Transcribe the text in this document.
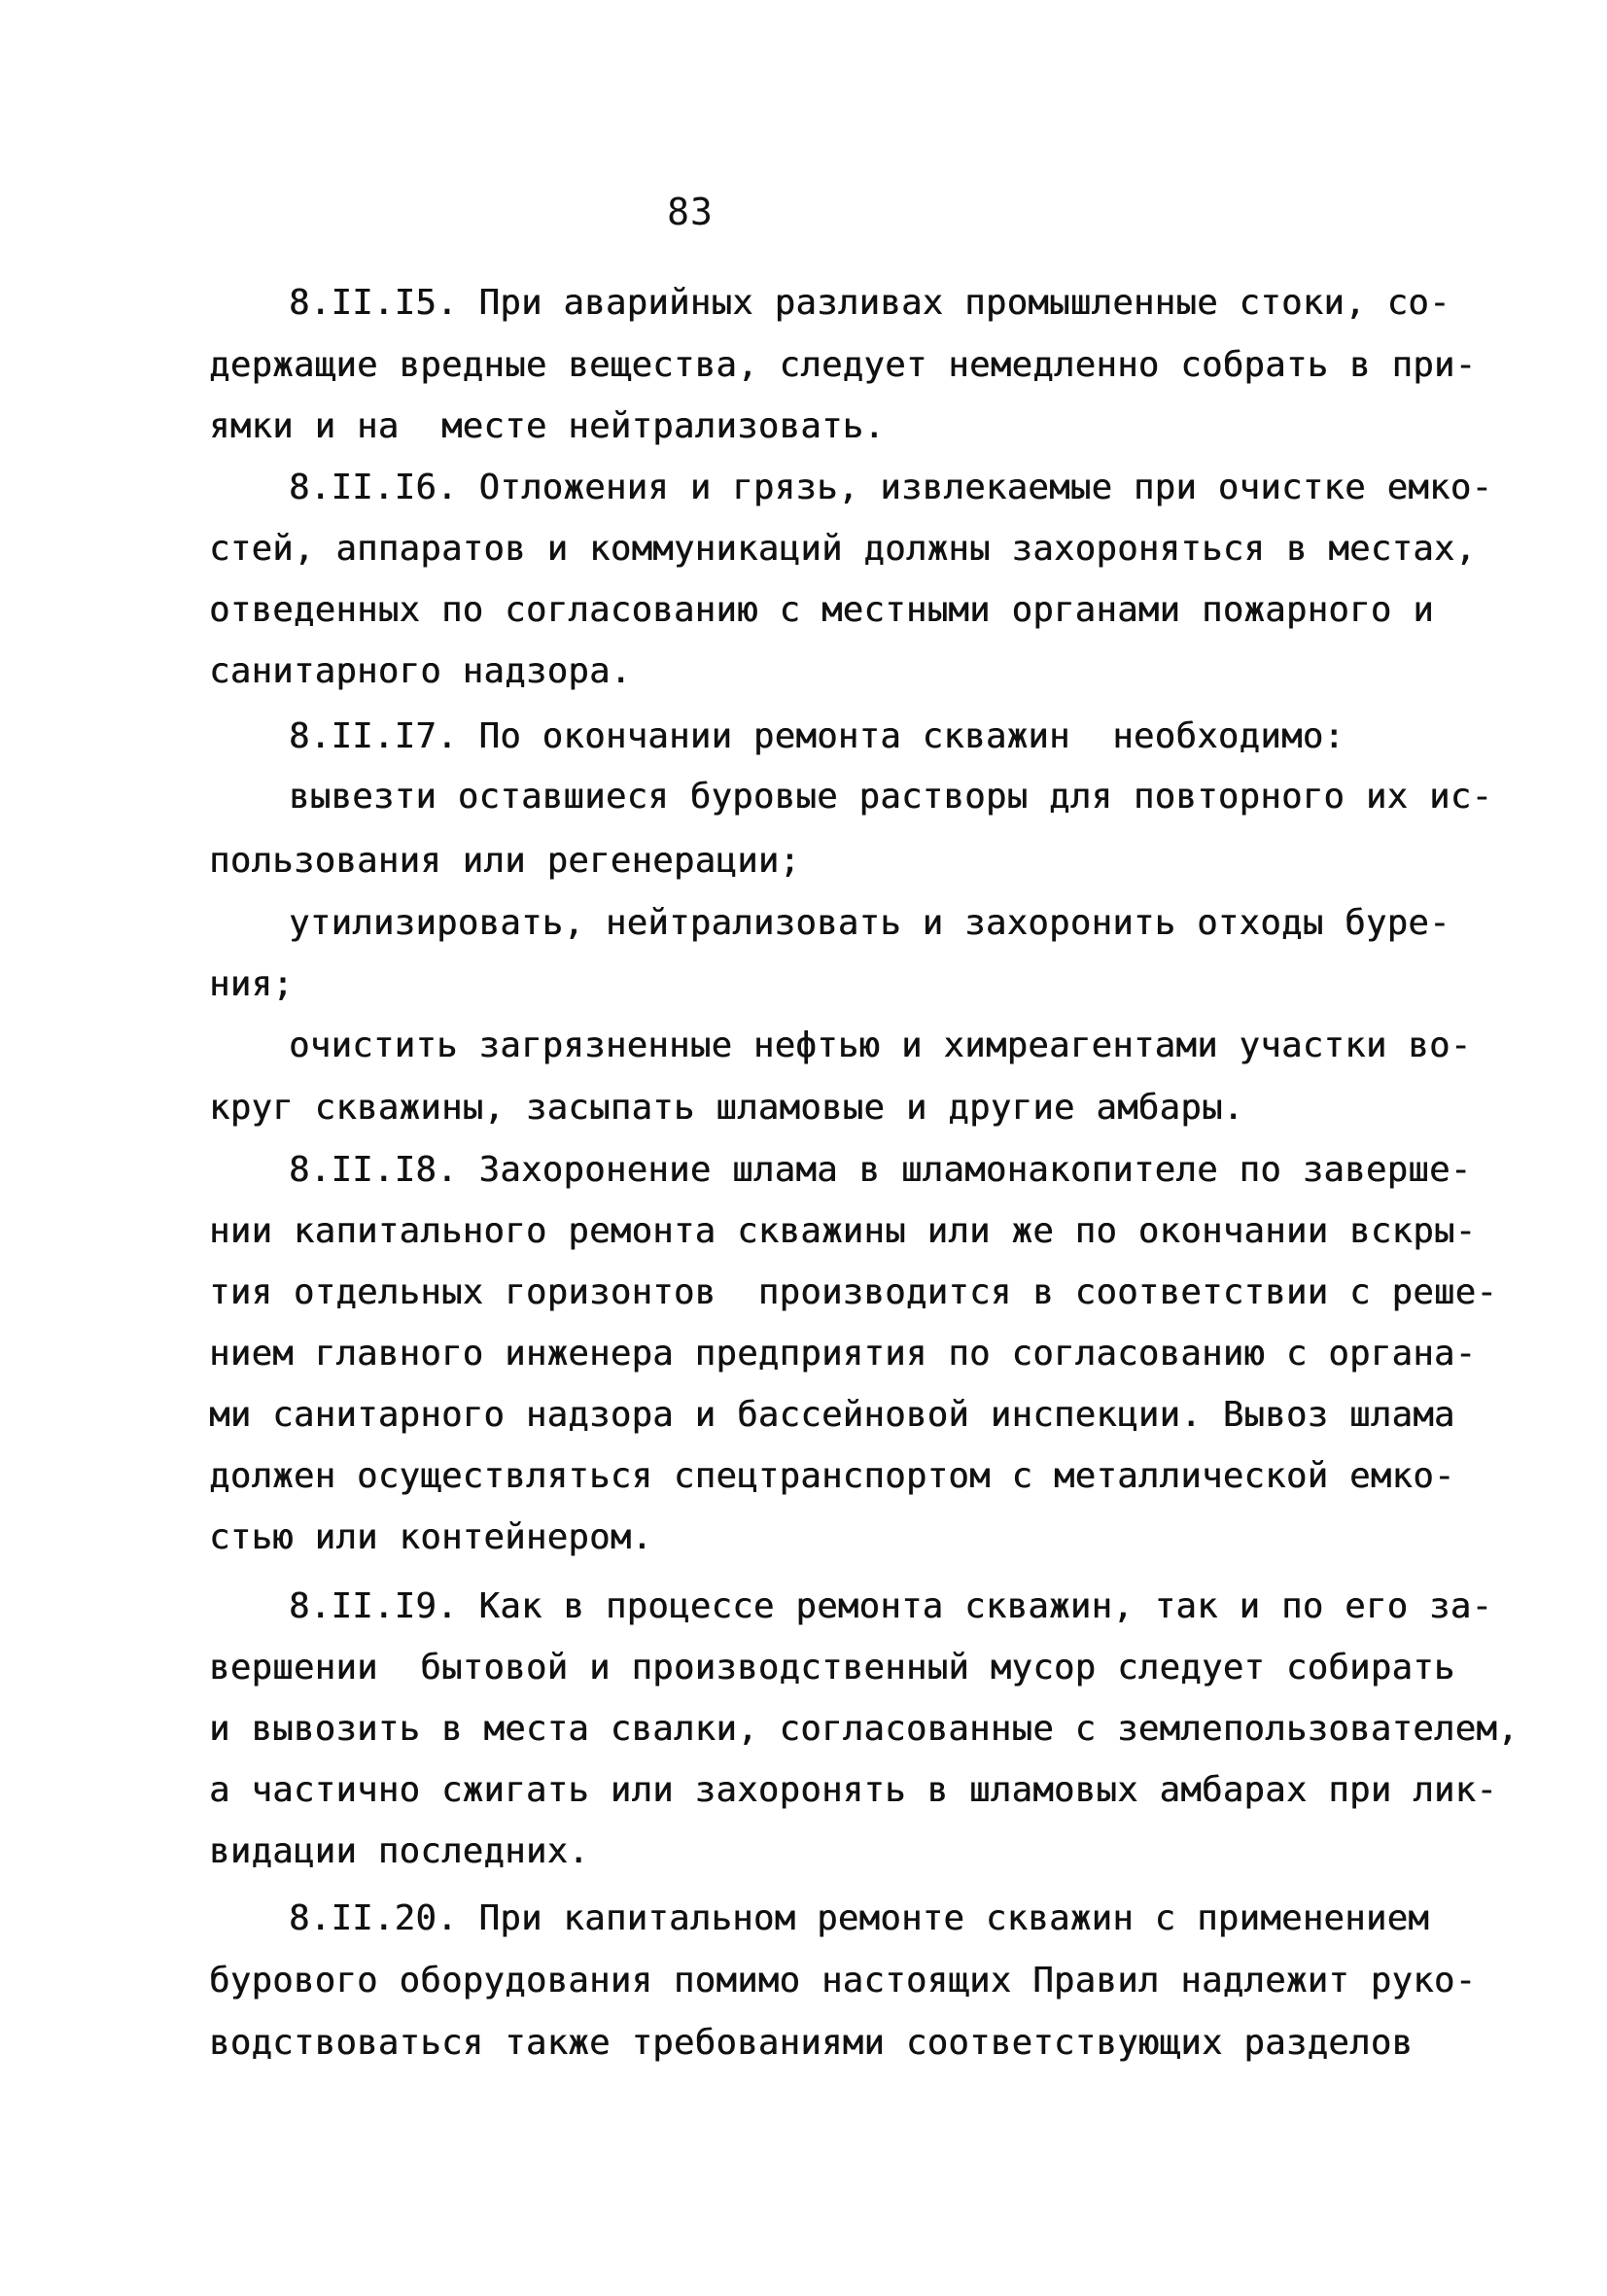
83
8.II.I5. При аварийных разливах промышленные стоки, со-
держащие вредные вещества, следует немедленно собрать в при-
ямки и на  месте нейтрализовать.
8.II.I6. Отложения и грязь, извлекаемые при очистке емко-
стей, аппаратов и коммуникаций должны захороняться в местах,
отведенных по согласованию с местными органами пожарного и
санитарного надзора.
8.II.I7. По окончании ремонта скважин  необходимо:
вывезти оставшиеся буровые растворы для повторного их ис-
пользования или регенерации;
утилизировать, нейтрализовать и захоронить отходы буре-
ния;
очистить загрязненные нефтью и химреагентами участки во-
круг скважины, засыпать шламовые и другие амбары.
8.II.I8. Захоронение шлама в шламонакопителе по заверше-
нии капитального ремонта скважины или же по окончании вскры-
тия отдельных горизонтов  производится в соответствии с реше-
нием главного инженера предприятия по согласованию с органа-
ми санитарного надзора и бассейновой инспекции. Вывоз шлама
должен осуществляться спецтранспортом с металлической емко-
стью или контейнером.
8.II.I9. Как в процессе ремонта скважин, так и по его за-
вершении  бытовой и производственный мусор следует собирать
и вывозить в места свалки, согласованные с землепользователем,
а частично сжигать или захоронять в шламовых амбарах при лик-
видации последних.
8.II.20. При капитальном ремонте скважин с применением
бурового оборудования помимо настоящих Правил надлежит руко-
водствоваться также требованиями соответствующих разделов
